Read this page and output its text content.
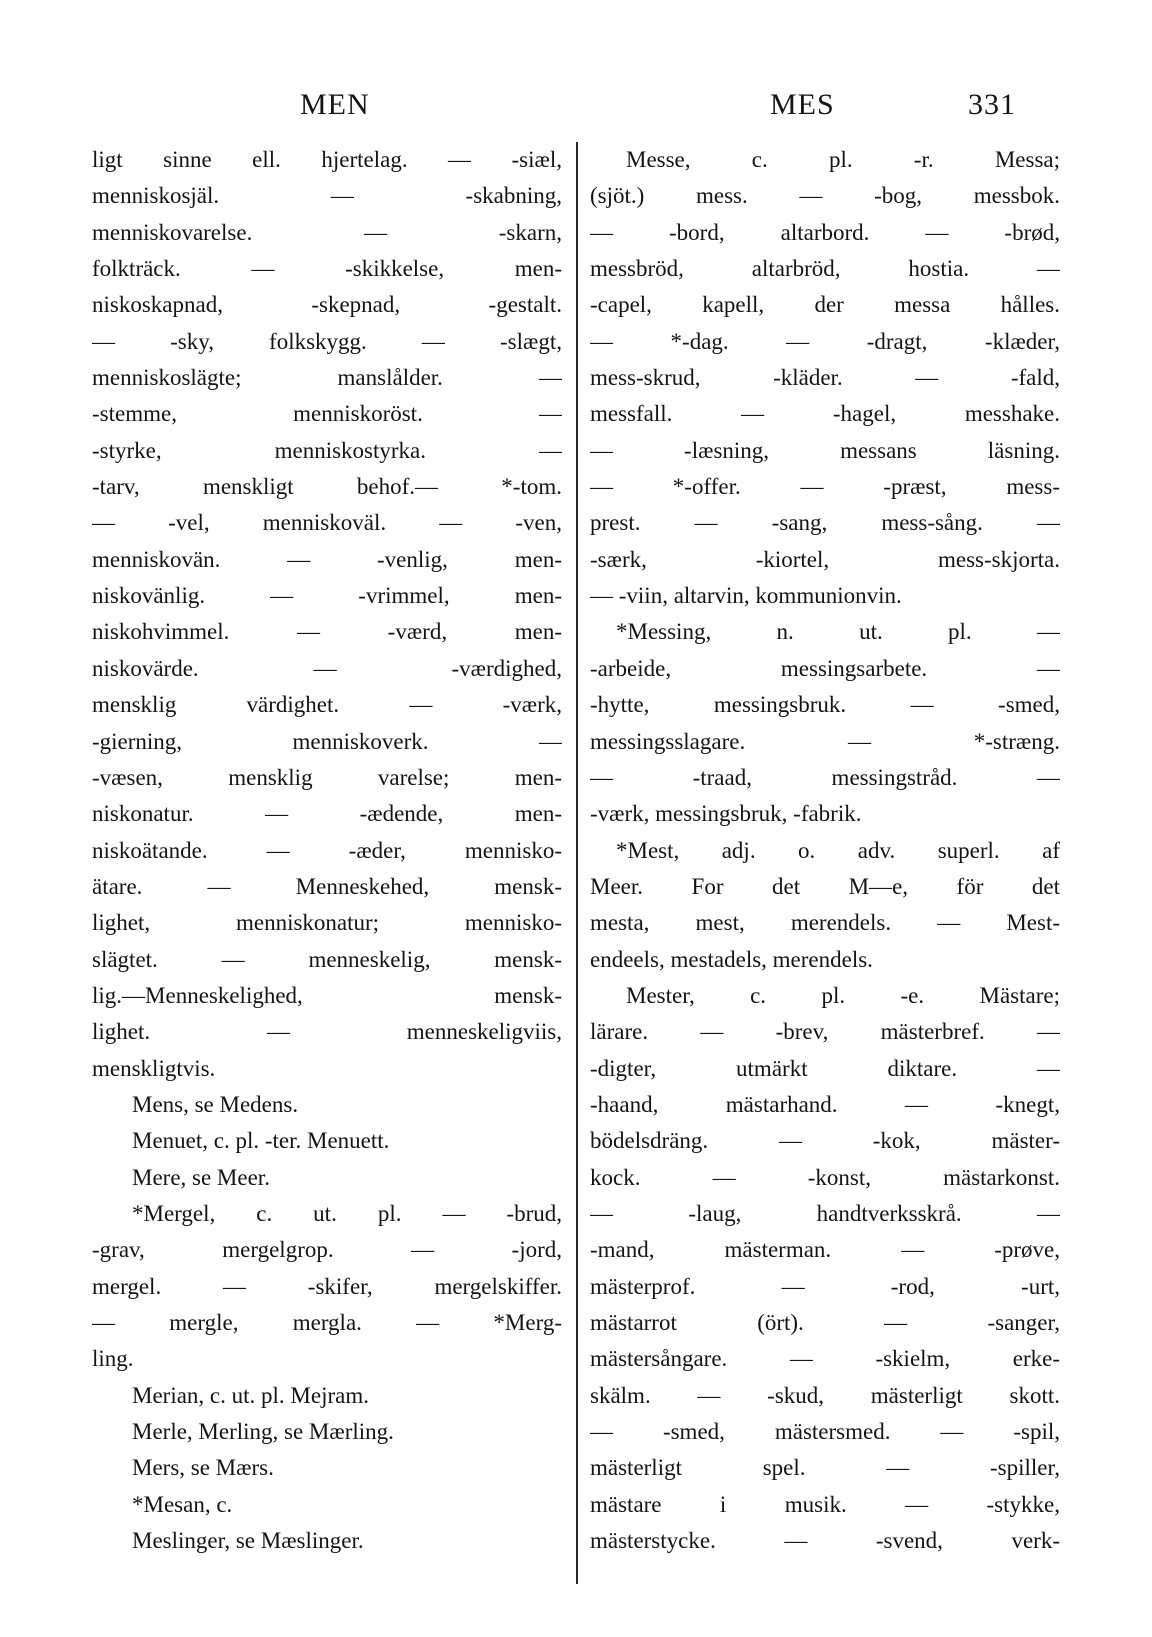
MEN	MES	331
ligt sinne ell. hjertelag. — -siæl,
menniskosjäl. — -skabning,
menniskovarelse. — -skarn,
folkträck. — -skikkelse, men-
niskoskapnad, -skepnad, -gestalt.
— -sky, folkskygg. — -slægt,
menniskoslägte; manslålder. —
-stemme, menniskoröst. —
-styrke, menniskostyrka. —
-tarv, menskligt behof.— *-tom.
— -vel, menniskoväl. — -ven,
menniskovän. — -venlig, men-
niskovänlig. — -vrimmel, men-
niskohvimmel. — -værd, men-
niskovärde. — -værdighed,
mensklig värdighet. — -værk,
-gierning, menniskoverk. —
-væsen, mensklig varelse; men-
niskonatur. — -ædende, men-
niskoätande. — -æder, mennisko-
ätare. — Menneskehed, mensk-
lighet, menniskonatur; mennisko-
slägtet. — menneskelig, mensk-
lig.—Menneskelighed, mensk-
lighet. — menneskeligviis,
menskligtvis.
Mens, se Medens.
Menuet, c. pl. -ter. Menuett.
Mere, se Meer.
*Mergel, c. ut. pl. — -brud,
-grav, mergelgrop. — -jord,
mergel. — -skifer, mergelskiffer.
— mergle, mergla. — *Merg-
ling.
Merian, c. ut. pl. Mejram.
Merle, Merling, se Mærling.
Mers, se Mærs.
*Mesan, c.
Meslinger, se Mæslinger.
Messe, c. pl. -r. Messa;
(sjöt.) mess. — -bog, messbok.
— -bord, altarbord. — -brød,
messbröd, altarbröd, hostia. —
-capel, kapell, der messa hålles.
— *-dag. — -dragt, -klæder,
mess-skrud, -kläder. — -fald,
messfall. — -hagel, messhake.
— -læsning, messans läsning.
— *-offer. — -præst, mess-
prest. — -sang, mess-sång. —
-særk, -kiortel, mess-skjorta.
— -viin, altarvin, kommunionvin.
*Messing, n. ut. pl. —
-arbeide, messingsarbete. —
-hytte, messingsbruk. — -smed,
messingsslagare. — *-stræng.
— -traad, messingstråd. —
-værk, messingsbruk, -fabrik.
*Mest, adj. o. adv. superl. af
Meer. For det M—e, för det
mesta, mest, merendels. — Mest-
endeels, mestadels, merendels.
Mester, c. pl. -e. Mästare;
lärare. — -brev, mästerbref. —
-digter, utmärkt diktare. —
-haand, mästarhand. — -knegt,
bödelsdräng. — -kok, mäster-
kock. — -konst, mästarkonst.
— -laug, handtverksskrå. —
-mand, mästerman. — -prøve,
mästerprof. — -rod, -urt,
mästarrot (ört). — -sanger,
mästersångare. — -skielm, erke-
skälm. — -skud, mästerligt skott.
— -smed, mästersmed. — -spil,
mästerligt spel. — -spiller,
mästare i musik. — -stykke,
mästerstycke. — -svend, verk-
